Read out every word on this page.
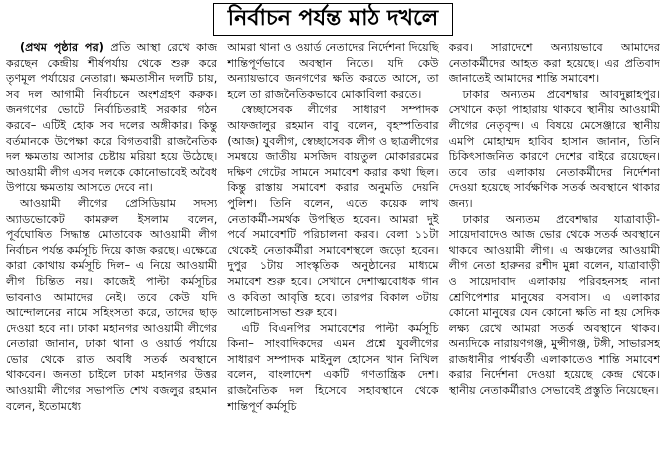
নির্বাচন পর্যন্ত মাঠ দখলে

(প্রথম পৃষ্ঠার পর) প্রতি আস্থা রেখে কাজ করছেন কেন্দ্রীয় শীর্ষপর্যায় থেকে শুরু করে তৃণমূল পর্যায়ের নেতারা। ক্ষমতাসীন দলটি চায়, সব দল আগামী নির্বাচনে অংশগ্রহণ করুক। জনগণের ভোটে নির্বাচিতরাই সরকার গঠন করবে– এটিই হোক সব দলের অঙ্গীকার। কিন্তু বর্তমানকে উপেক্ষা করে বিগতবারী রাজনৈতিক দল ক্ষমতায় আসার চেষ্টায় মরিয়া হয়ে উঠেছে। আওয়ামী লীগ এসব দলকে কোনোভাবেই অবৈধ উপায়ে ক্ষমতায় আসতে দেবে না।

আওয়ামী লীগের প্রেসিডিয়াম সদস্য অ্যাডভোকেট কামরুল ইসলাম বলেন, পূর্বঘোষিত সিদ্ধান্ত মোতাবেক আওয়ামী লীগ নির্বাচন পর্যন্ত কর্মসূচি দিয়ে কাজ করছে। এক্ষেত্রে কারা কোথায় কর্মসূচি দিল– এ নিয়ে আওয়ামী লীগ চিন্তিত নয়। কাজেই পাল্টা কর্মসূচির ভাবনাও আমাদের নেই। তবে কেউ যদি আন্দোলনের নামে সহিংসতা করে, তাদের ছাড় দেওয়া হবে না। ঢাকা মহানগর আওয়ামী লীগের নেতারা জানান, ঢাকা থানা ও ওয়ার্ড পর্যায়ে ভোর থেকে রাত অবধি সতর্ক অবস্থানে থাকবেন। জনতা চাইলে ঢাকা মহানগর উত্তর আওয়ামী লীগের সভাপতি শেখ বজলুর রহমান বলেন, ইতোমধ্যে

আমরা থানা ও ওয়ার্ড নেতাদের নির্দেশনা দিয়েছি শান্তিপূর্ণভাবে অবস্থান নিতে। যদি কেউ অন্যায়ভাবে জনগণের ক্ষতি করতে আসে, তা হলে তা রাজনৈতিকভাবে মোকাবিলা করতে।

স্বেচ্ছাসেবক লীগের সাধারণ সম্পাদক আফজালুর রহমান বাবু বলেন, বৃহস্পতিবার (আজ) যুবলীগ, স্বেচ্ছাসেবক লীগ ও ছাত্রলীগের সমন্বয়ে জাতীয় মসজিদ বায়তুল মোকাররমের দক্ষিণ গেটের সামনে সমাবেশ করার কথা ছিল। কিন্তু রাস্তায় সমাবেশ করার অনুমতি দেয়নি পুলিশ। তিনি বলেন, এতে কয়েক লাখ নেতাকর্মী-সমর্থক উপস্থিত হবেন। আমরা দুই পর্বে সমাবেশটি পরিচালনা করব। বেলা ১১টা থেকেই নেতাকর্মীরা সমাবেশস্থলে জড়ো হবেন। দুপুর ১টায় সাংস্কৃতিক অনুষ্ঠানের মাধ্যমে সমাবেশ শুরু হবে। সেখানে দেশাত্মবোধক গান ও কবিতা আবৃত্তি হবে। তারপর বিকাল ৩টায় আলোচনাসভা শুরু হবে।

এটি বিএনপির সমাবেশের পাল্টা কর্মসূচি কিনা– সাংবাদিকদের এমন প্রশ্নে যুবলীগের সাধারণ সম্পাদক মাইনুল হোসেন খান নিখিল বলেন, বাংলাদেশ একটি গণতান্ত্রিক দেশ। রাজনৈতিক দল হিসেবে সহাবস্থানে থেকে শান্তিপূর্ণ কর্মসূচি

করব। সারাদেশে অন্যায়ভাবে আমাদের নেতাকর্মীদের আহত করা হয়েছে। এর প্রতিবাদ জানাতেই আমাদের শান্তি সমাবেশ।

ঢাকার অন্যতম প্রবেশদ্বার আবদুল্লাহপুর। সেখানে কড়া পাহারায় থাকবে স্থানীয় আওয়ামী লীগের নেতৃবৃন্দ। এ বিষয়ে মেসেঞ্জারে স্থানীয় এমপি মোহাম্মদ হাবিব হাসান জানান, তিনি চিকিৎসাজনিত কারণে দেশের বাইরে রয়েছেন। তবে তার এলাকায় নেতাকর্মীদের নির্দেশনা দেওয়া হয়েছে সার্বক্ষণিক সতর্ক অবস্থানে থাকার জন্য।

ঢাকার অন্যতম প্রবেশদ্বার যাত্রাবাড়ী-সায়েদাবাদেও আজ ভোর থেকে সতর্ক অবস্থানে থাকবে আওয়ামী লীগ। এ অঞ্চলের আওয়ামী লীগ নেতা হারুনর রশীদ মুন্না বলেন, যাত্রাবাড়ী ও সায়েদাবাদ এলাকায় পরিবহনসহ নানা শ্রেণিপেশার মানুষের বসবাস। এ এলাকার কোনো মানুষের যেন কোনো ক্ষতি না হয় সেদিক লক্ষ্য রেখে আমরা সতর্ক অবস্থানে থাকব। অন্যদিকে নারায়ণগঞ্জ, মুন্সীগঞ্জ, টঙ্গী, সাভারসহ রাজধানীর পার্শ্ববর্তী এলাকাতেও শান্তি সমাবেশ করার নির্দেশনা দেওয়া হয়েছে কেন্দ্র থেকে। স্থানীয় নেতাকর্মীরাও সেভাবেই প্রস্তুতি নিয়েছেন।
